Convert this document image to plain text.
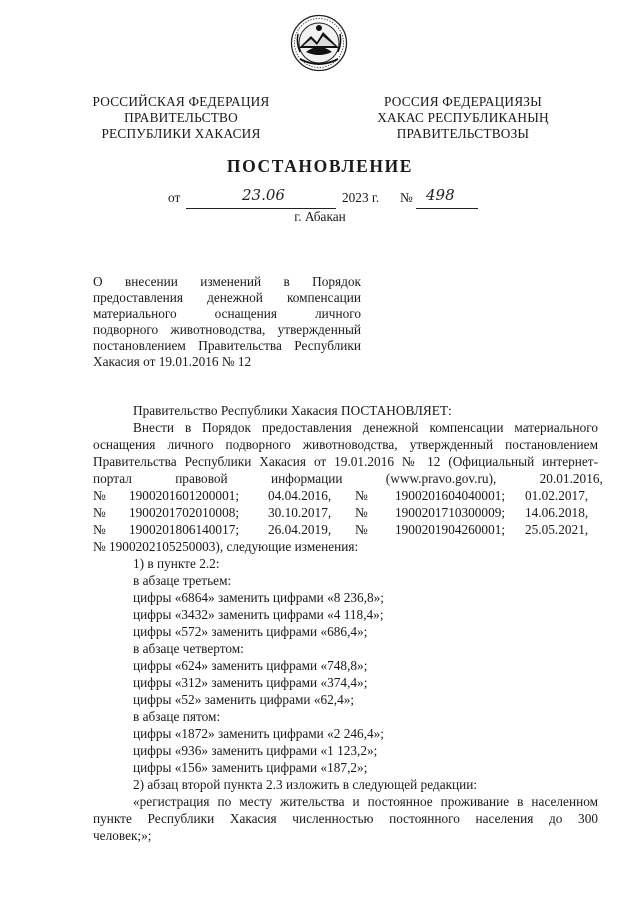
РОССИЙСКАЯ ФЕДЕРАЦИЯ
ПРАВИТЕЛЬСТВО
РЕСПУБЛИКИ ХАКАСИЯ
РОССИЯ ФЕДЕРАЦИЯЗЫ
ХАКАС РЕСПУБЛИКАНЫҢ
ПРАВИТЕЛЬСТВОЗЫ
ПОСТАНОВЛЕНИЕ
от	23.06	2023 г. № 498
г. Абакан
О внесении изменений в Порядок
предоставления денежной компенсации
материального оснащения личного
подворного животноводства, утвержденный
постановлением Правительства Республики
Хакасия от 19.01.2016 № 12
Правительство Республики Хакасия ПОСТАНОВЛЯЕТ:
Внести в Порядок предоставления денежной компенсации материального
оснащения личного подворного животноводства, утвержденный постановлением
Правительства Республики Хакасия от 19.01.2016 № 12 (Официальный интернет-
портал правовой информации (www.pravo.gov.ru), 20.01.2016,
№ 1900201601200001; 04.04.2016, № 1900201604040001; 01.02.2017,
№ 1900201702010008; 30.10.2017, № 1900201710300009; 14.06.2018,
№ 1900201806140017; 26.04.2019, № 1900201904260001; 25.05.2021,
№ 1900202105250003), следующие изменения:
1) в пункте 2.2:
в абзаце третьем:
цифры «6864» заменить цифрами «8 236,8»;
цифры «3432» заменить цифрами «4 118,4»;
цифры «572» заменить цифрами «686,4»;
в абзаце четвертом:
цифры «624» заменить цифрами «748,8»;
цифры «312» заменить цифрами «374,4»;
цифры «52» заменить цифрами «62,4»;
в абзаце пятом:
цифры «1872» заменить цифрами «2 246,4»;
цифры «936» заменить цифрами «1 123,2»;
цифры «156» заменить цифрами «187,2»;
2) абзац второй пункта 2.3 изложить в следующей редакции:
«регистрация по месту жительства и постоянное проживание в населенном
пункте Республики Хакасия численностью постоянного населения до 300
человек;»;
